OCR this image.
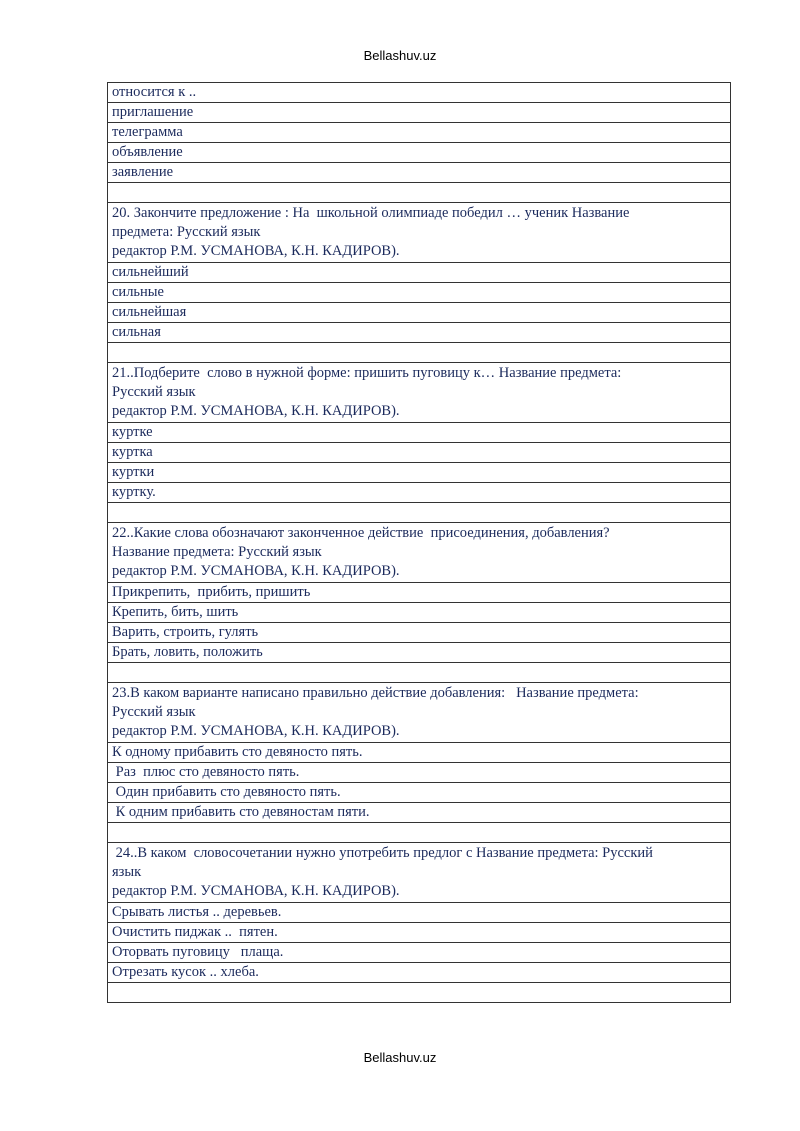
Bellashuv.uz
относится к ..
приглашение
телеграмма
объявление
заявление

20. Закончите предложение : На  школьной олимпиаде победил … ученик Название
предмета: Русский язык
редактор Р.М. УСМАНОВА, К.Н. КАДИРОВ).

сильнейший
сильные
сильнейшая
сильная

21..Подберите  слово в нужной форме: пришить пуговицу к… Название предмета:
Русский язык
редактор Р.М. УСМАНОВА, К.Н. КАДИРОВ).

куртке
куртка
куртки
куртку.

22..Какие слова обозначают законченное действие  присоединения, добавления?
Название предмета: Русский язык
редактор Р.М. УСМАНОВА, К.Н. КАДИРОВ).

Прикрепить,  прибить, пришить
Крепить, бить, шить
Варить, строить, гулять
Брать, ловить, положить

23.В каком варианте написано правильно действие добавления:   Название предмета:
Русский язык
редактор Р.М. УСМАНОВА, К.Н. КАДИРОВ).

К одному прибавить сто девяносто пять.
Раз  плюс сто девяносто пять.
Один прибавить сто девяносто пять.
К одним прибавить сто девяностам пяти.

24..В каком  словосочетании нужно употребить предлог с Название предмета: Русский
язык
редактор Р.М. УСМАНОВА, К.Н. КАДИРОВ).

Срывать листья .. деревьев.
Очистить пиджак ..  пятен.
Оторвать пуговицу   плаща.
Отрезать кусок .. хлеба.

Bellashuv.uz
